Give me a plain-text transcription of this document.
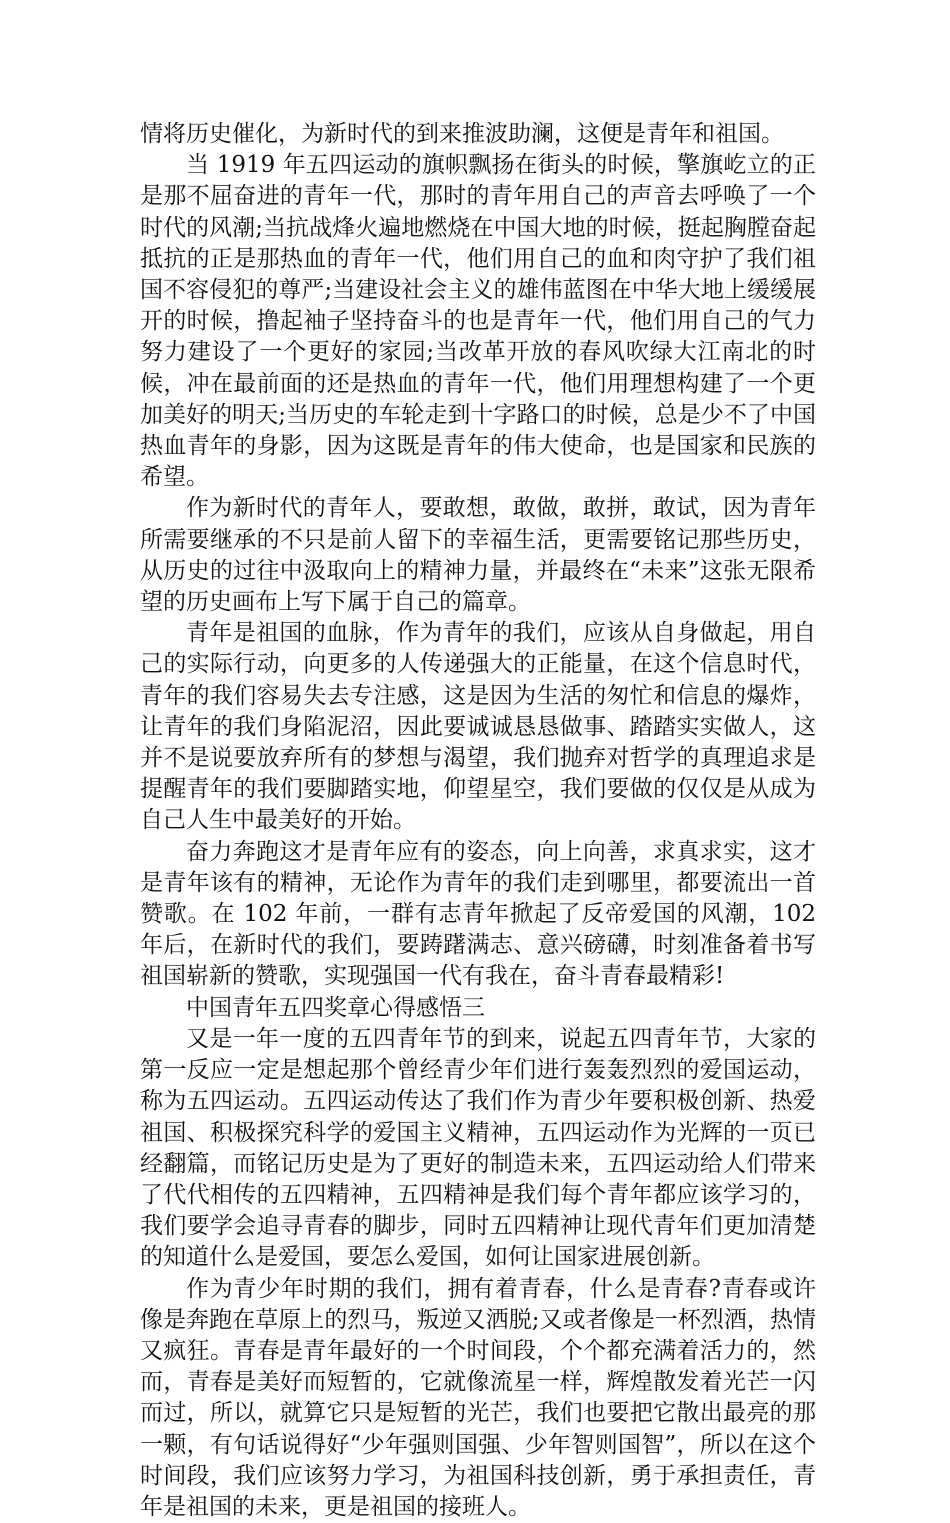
情将历史催化，为新时代的到来推波助澜，这便是青年和祖国。

当 1919 年五四运动的旗帜飘扬在街头的时候，擎旗屹立的正是那不屈奋进的青年一代，那时的青年用自己的声音去呼唤了一个时代的风潮;当抗战烽火遍地燃烧在中国大地的时候，挺起胸膛奋起抵抗的正是那热血的青年一代，他们用自己的血和肉守护了我们祖国不容侵犯的尊严;当建设社会主义的雄伟蓝图在中华大地上缓缓展开的时候，撸起袖子坚持奋斗的也是青年一代，他们用自己的气力努力建设了一个更好的家园;当改革开放的春风吹绿大江南北的时候，冲在最前面的还是热血的青年一代，他们用理想构建了一个更加美好的明天;当历史的车轮走到十字路口的时候，总是少不了中国热血青年的身影，因为这既是青年的伟大使命，也是国家和民族的希望。

作为新时代的青年人，要敢想，敢做，敢拼，敢试，因为青年所需要继承的不只是前人留下的幸福生活，更需要铭记那些历史，从历史的过往中汲取向上的精神力量，并最终在“未来”这张无限希望的历史画布上写下属于自己的篇章。

青年是祖国的血脉，作为青年的我们，应该从自身做起，用自己的实际行动，向更多的人传递强大的正能量，在这个信息时代，青年的我们容易失去专注感，这是因为生活的匆忙和信息的爆炸，让青年的我们身陷泥沼，因此要诚诚恳恳做事、踏踏实实做人，这并不是说要放弃所有的梦想与渴望，我们抛弃对哲学的真理追求是提醒青年的我们要脚踏实地，仰望星空，我们要做的仅仅是从成为自己人生中最美好的开始。

奋力奔跑这才是青年应有的姿态，向上向善，求真求实，这才是青年该有的精神，无论作为青年的我们走到哪里，都要流出一首赞歌。在 102 年前，一群有志青年掀起了反帝爱国的风潮，102 年后，在新时代的我们，要踌躇满志、意兴磅礴，时刻准备着书写祖国崭新的赞歌，实现强国一代有我在，奋斗青春最精彩!

中国青年五四奖章心得感悟三

又是一年一度的五四青年节的到来，说起五四青年节，大家的第一反应一定是想起那个曾经青少年们进行轰轰烈烈的爱国运动，称为五四运动。五四运动传达了我们作为青少年要积极创新、热爱祖国、积极探究科学的爱国主义精神，五四运动作为光辉的一页已经翻篇，而铭记历史是为了更好的制造未来，五四运动给人们带来了代代相传的五四精神，五四精神是我们每个青年都应该学习的，我们要学会追寻青春的脚步，同时五四精神让现代青年们更加清楚的知道什么是爱国，要怎么爱国，如何让国家进展创新。

作为青少年时期的我们，拥有着青春，什么是青春?青春或许像是奔跑在草原上的烈马，叛逆又洒脱;又或者像是一杯烈酒，热情又疯狂。青春是青年最好的一个时间段，个个都充满着活力的，然而，青春是美好而短暂的，它就像流星一样，辉煌散发着光芒一闪而过，所以，就算它只是短暂的光芒，我们也要把它散出最亮的那一颗，有句话说得好“少年强则国强、少年智则国智”，所以在这个时间段，我们应该努力学习，为祖国科技创新，勇于承担责任，青年是祖国的未来，更是祖国的接班人。
